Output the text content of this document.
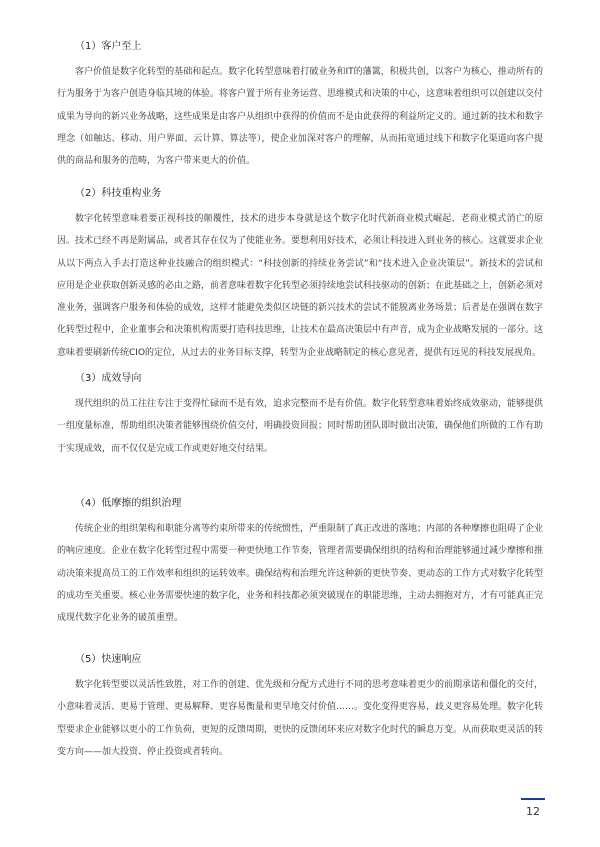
（1）客户至上

客户价值是数字化转型的基础和起点。数字化转型意味着打破业务和IT的藩篱，积极共创，以客户为核心，推动所有的行为服务于为客户创造身临其境的体验。将客户置于所有业务运营、思维模式和决策的中心，这意味着组织可以创建以交付成果为导向的新兴业务战略，这些成果是由客户从组织中获得的价值而不是由此获得的利益所定义的。通过新的技术和数字理念（如触达、移动、用户界面、云计算、算法等），使企业加深对客户的理解，从而拓宽通过线下和数字化渠道向客户提供的商品和服务的范畴，为客户带来更大的价值。

（2）科技重构业务

数字化转型意味着要正视科技的颠覆性，技术的进步本身就是这个数字化时代新商业模式崛起、老商业模式消亡的原因。技术已经不再是附属品，或者其存在仅为了使能业务。要想利用好技术，必须让科技进入到业务的核心。这就要求企业从以下两点入手去打造这种业技融合的组织模式：“科技创新的持续业务尝试”和“技术进入企业决策层”。新技术的尝试和应用是企业获取创新灵感的必由之路，前者意味着数字化转型必须持续地尝试科技驱动的创新；在此基础之上，创新必须对准业务，强调客户服务和体验的成效，这样才能避免类似区块链的新兴技术的尝试不能脱离业务场景；后者是在强调在数字化转型过程中，企业董事会和决策机构需要打造科技思维，让技术在最高决策层中有声音，成为企业战略发展的一部分。这意味着要刷新传统CIO的定位，从过去的业务目标支撑，转型为企业战略制定的核心意见者，提供有远见的科技发展视角。

（3）成效导向

现代组织的员工往往专注于变得忙碌而不是有效，追求完整而不是有价值。数字化转型意味着始终成效驱动，能够提供一组度量标准，帮助组织决策者能够围绕价值交付，明确投资回报；同时帮助团队即时做出决策，确保他们所做的工作有助于实现成效，而不仅仅是完成工作或更好地交付结果。

（4）低摩擦的组织治理

传统企业的组织架构和职能分离等约束所带来的传统惯性，严重限制了真正改进的落地；内部的各种摩擦也阻碍了企业的响应速度。企业在数字化转型过程中需要一种更快地工作节奏，管理者需要确保组织的结构和治理能够通过减少摩擦和推动决策来提高员工的工作效率和组织的运转效率。确保结构和治理允许这种新的更快节奏、更动态的工作方式对数字化转型的成功至关重要。核心业务需要快速的数字化，业务和科技都必须突破现在的职能思维，主动去拥抱对方，才有可能真正完成现代数字化业务的破茧重塑。

（5）快速响应

数字化转型要以灵活性致胜，对工作的创建、优先级和分配方式进行不同的思考意味着更少的前期承诺和僵化的交付，小意味着灵活、更易于管理、更易解释、更容易衡量和更早地交付价值……。变化变得更容易，歧义更容易处理。数字化转型要求企业能够以更小的工作负荷，更短的反馈周期，更快的反馈闭环来应对数字化时代的瞬息万变。从而获取更灵活的转变方向——加大投资、停止投资或者转向。

12
